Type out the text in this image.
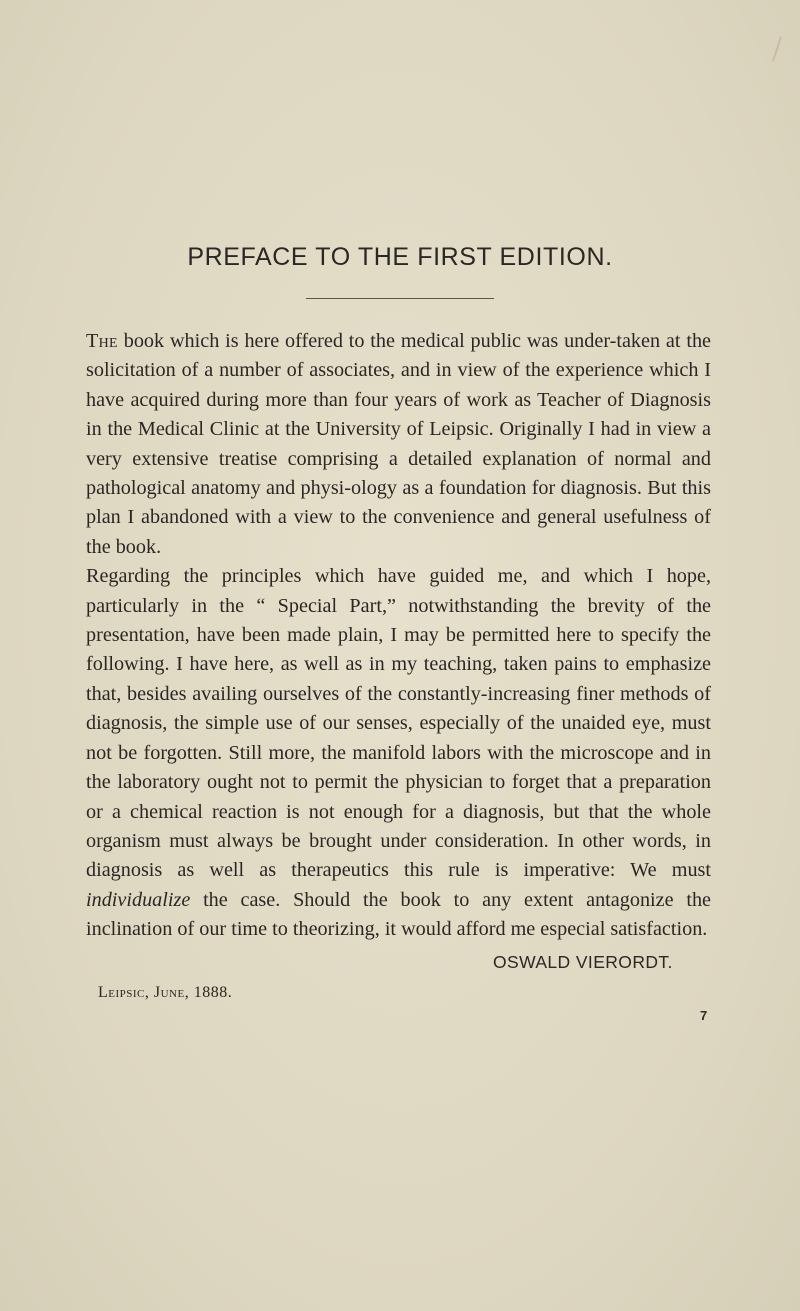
PREFACE TO THE FIRST EDITION.

The book which is here offered to the medical public was under-taken at the solicitation of a number of associates, and in view of the experience which I have acquired during more than four years of work as Teacher of Diagnosis in the Medical Clinic at the University of Leipsic. Originally I had in view a very extensive treatise comprising a detailed explanation of normal and pathological anatomy and physi-ology as a foundation for diagnosis. But this plan I abandoned with a view to the convenience and general usefulness of the book.

Regarding the principles which have guided me, and which I hope, particularly in the “ Special Part,” notwithstanding the brevity of the presentation, have been made plain, I may be permitted here to specify the following. I have here, as well as in my teaching, taken pains to emphasize that, besides availing ourselves of the constantly-increasing finer methods of diagnosis, the simple use of our senses, especially of the unaided eye, must not be forgotten. Still more, the manifold labors with the microscope and in the laboratory ought not to permit the physician to forget that a preparation or a chemical reaction is not enough for a diagnosis, but that the whole organism must always be brought under consideration. In other words, in diagnosis as well as therapeutics this rule is imperative: We must individualize the case. Should the book to any extent antagonize the inclination of our time to theorizing, it would afford me especial satisfaction.

OSWALD VIERORDT.
Leipsic, June, 1888.
7
